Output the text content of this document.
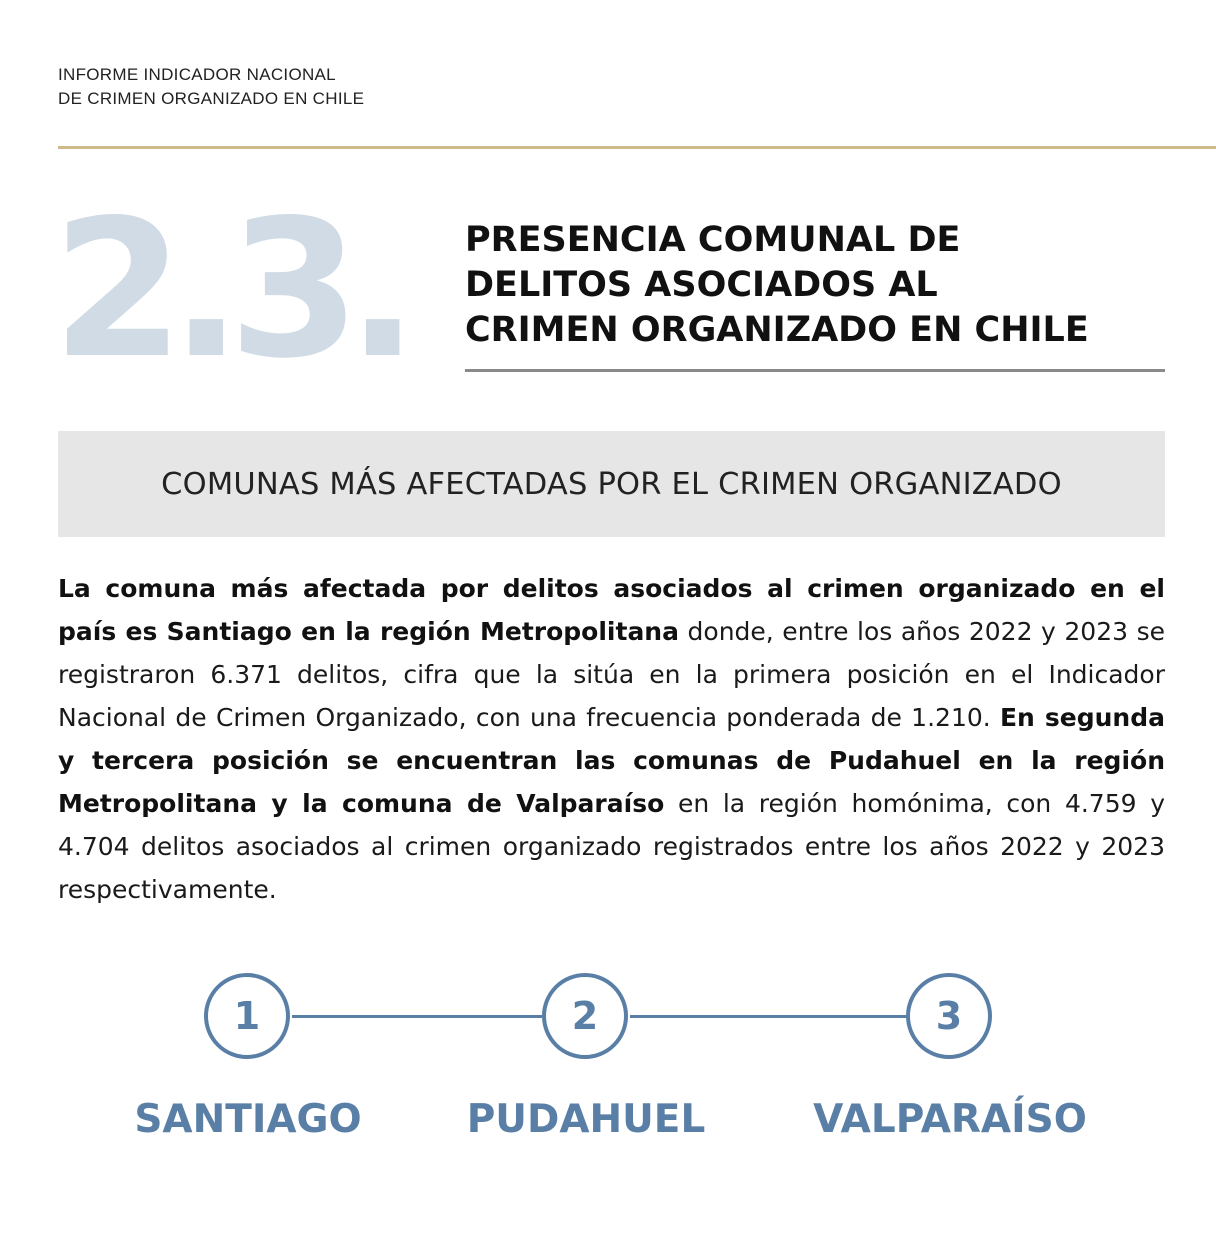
INFORME INDICADOR NACIONAL
DE CRIMEN ORGANIZADO EN CHILE
2.3. PRESENCIA COMUNAL DE
DELITOS ASOCIADOS AL
CRIMEN ORGANIZADO EN CHILE
COMUNAS MÁS AFECTADAS POR EL CRIMEN ORGANIZADO
La comuna más afectada por delitos asociados al crimen organizado en el país es Santiago en la región Metropolitana donde, entre los años 2022 y 2023 se registraron 6.371 delitos, cifra que la sitúa en la primera posición en el Indicador Nacional de Crimen Organizado, con una frecuencia ponderada de 1.210. En segunda y tercera posición se encuentran las comunas de Pudahuel en la región Metropolitana y la comuna de Valparaíso en la región homónima, con 4.759 y 4.704 delitos asociados al crimen organizado registrados entre los años 2022 y 2023 respectivamente.
1	2	3
SANTIAGO	PUDAHUEL	VALPARAÍSO
